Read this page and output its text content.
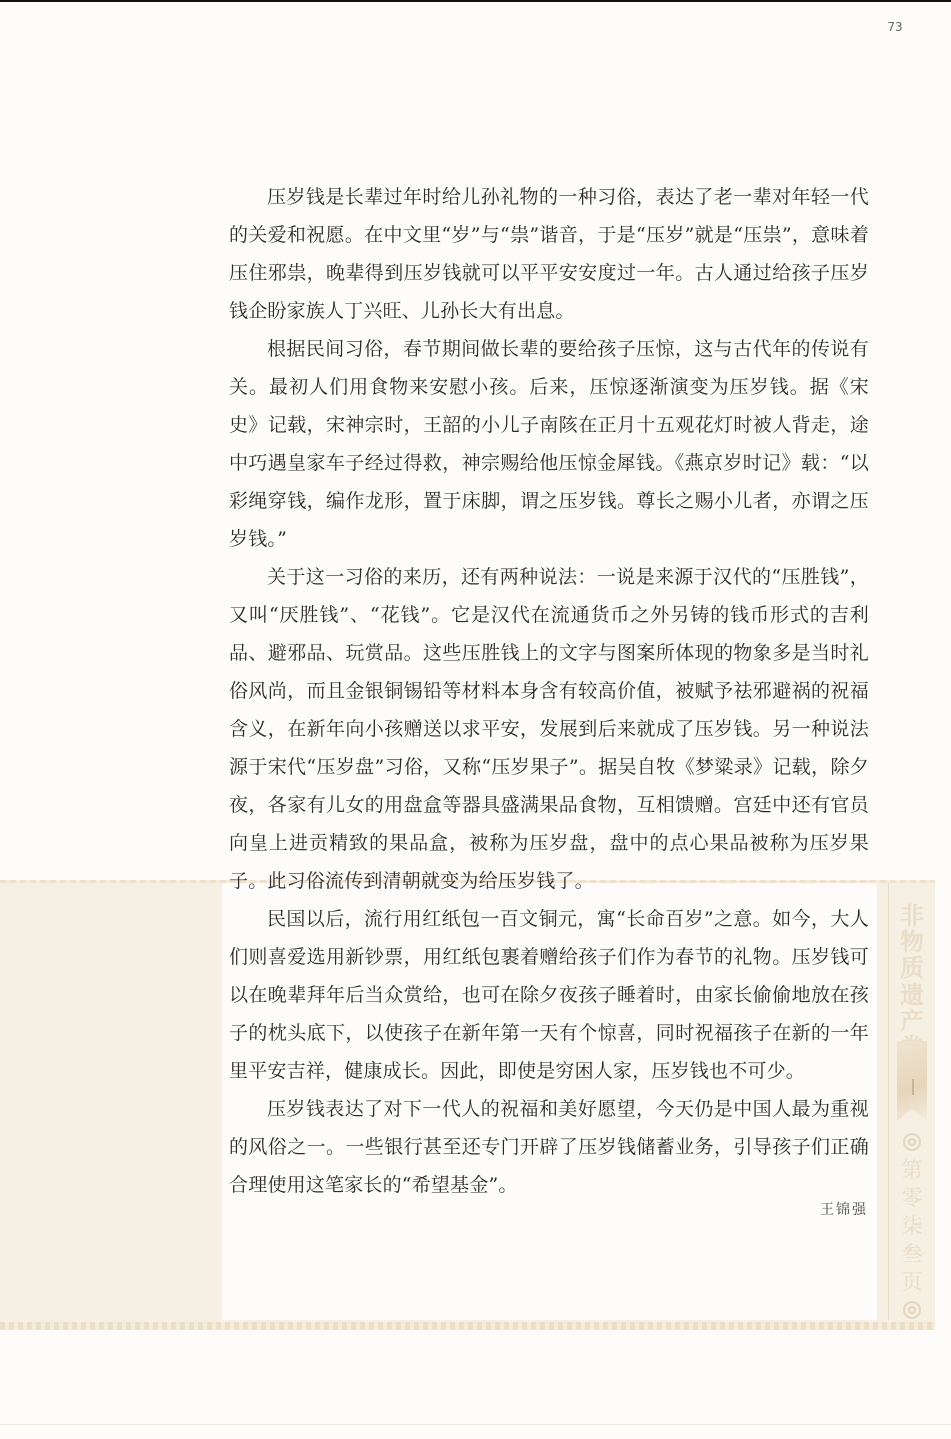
73
非
物
质
遗
产
第
零
柒
叁
页

压岁钱是长辈过年时给儿孙礼物的一种习俗，表达了老一辈对年轻一代的关爱和祝愿。在中文里“岁”与“祟”谐音，于是“压岁”就是“压祟”，意味着压住邪祟，晚辈得到压岁钱就可以平平安安度过一年。古人通过给孩子压岁钱企盼家族人丁兴旺、儿孙长大有出息。

根据民间习俗，春节期间做长辈的要给孩子压惊，这与古代年的传说有关。最初人们用食物来安慰小孩。后来，压惊逐渐演变为压岁钱。据《宋史》记载，宋神宗时，王韶的小儿子南陔在正月十五观花灯时被人背走，途中巧遇皇家车子经过得救，神宗赐给他压惊金犀钱。《燕京岁时记》载：“以彩绳穿钱，编作龙形，置于床脚，谓之压岁钱。尊长之赐小儿者，亦谓之压岁钱。”

关于这一习俗的来历，还有两种说法：一说是来源于汉代的“压胜钱”，又叫“厌胜钱”、“花钱”。它是汉代在流通货币之外另铸的钱币形式的吉利品、避邪品、玩赏品。这些压胜钱上的文字与图案所体现的物象多是当时礼俗风尚，而且金银铜锡铅等材料本身含有较高价值，被赋予祛邪避祸的祝福含义，在新年向小孩赠送以求平安，发展到后来就成了压岁钱。另一种说法源于宋代“压岁盘”习俗，又称“压岁果子”。据吴自牧《梦粱录》记载，除夕夜，各家有儿女的用盘盒等器具盛满果品食物，互相馈赠。宫廷中还有官员向皇上进贡精致的果品盒，被称为压岁盘，盘中的点心果品被称为压岁果子。此习俗流传到清朝就变为给压岁钱了。

民国以后，流行用红纸包一百文铜元，寓“长命百岁”之意。如今，大人们则喜爱选用新钞票，用红纸包裹着赠给孩子们作为春节的礼物。压岁钱可以在晚辈拜年后当众赏给，也可在除夕夜孩子睡着时，由家长偷偷地放在孩子的枕头底下，以使孩子在新年第一天有个惊喜，同时祝福孩子在新的一年里平安吉祥，健康成长。因此，即使是穷困人家，压岁钱也不可少。

压岁钱表达了对下一代人的祝福和美好愿望，今天仍是中国人最为重视的风俗之一。一些银行甚至还专门开辟了压岁钱储蓄业务，引导孩子们正确合理使用这笔家长的“希望基金”。

王锦强
